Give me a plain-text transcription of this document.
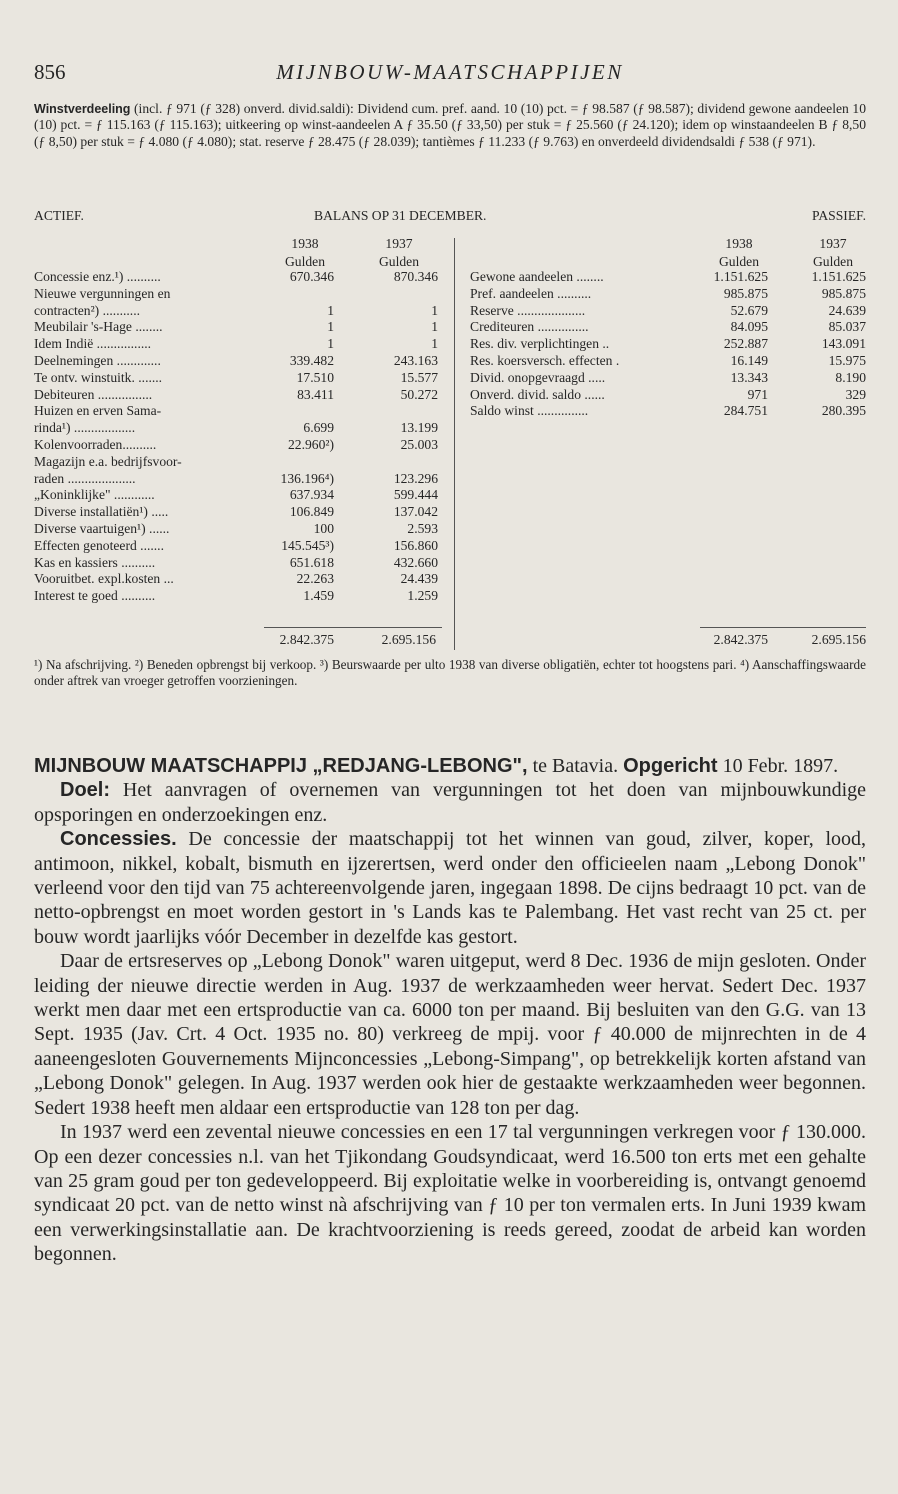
856	MIJNBOUW-MAATSCHAPPIJEN
Winstverdeeling (incl. ƒ 971 (ƒ 328) onverd. divid.saldi): Dividend cum. pref. aand. 10 (10) pct. = ƒ 98.587 (ƒ 98.587); dividend gewone aandeelen 10 (10) pct. = ƒ 115.163 (ƒ 115.163); uitkeering op winst-aandeelen A ƒ 35.50 (ƒ 33,50) per stuk = ƒ 25.560 (ƒ 24.120); idem op winstaandeelen B ƒ 8,50 (ƒ 8,50) per stuk = ƒ 4.080 (ƒ 4.080); stat. reserve ƒ 28.475 (ƒ 28.039); tantièmes ƒ 11.233 (ƒ 9.763) en onverdeeld dividendsaldi ƒ 538 (ƒ 971).
ACTIEF.	BALANS OP 31 DECEMBER.	PASSIEF.
1938
Gulden
1937
Gulden
1938
Gulden
1937
Gulden
Concessie enz.¹) ..........	670.346	870.346
Nieuwe vergunningen en
contracten²) ...........	1	1
Meubilair 's-Hage ........	1	1
Idem Indië ................	1	1
Deelnemingen .............	339.482	243.163
Te ontv. winstuitk. .......	17.510	15.577
Debiteuren ................	83.411	50.272
Huizen en erven Sama-
rinda¹) ..................	6.699	13.199
Kolenvoorraden..........	22.960²)	25.003
Magazijn e.a. bedrijfsvoor-
raden ....................	136.196⁴)	123.296
„Koninklijke" ............	637.934	599.444
Diverse installatiën¹) .....	106.849	137.042
Diverse vaartuigen¹) ......	100	2.593
Effecten genoteerd .......	145.545³)	156.860
Kas en kassiers ..........	651.618	432.660
Vooruitbet. expl.kosten ...	22.263	24.439
Interest te goed ..........	1.459	1.259
Gewone aandeelen ........	1.151.625	1.151.625
Pref. aandeelen ..........	985.875	985.875
Reserve ....................	52.679	24.639
Crediteuren ...............	84.095	85.037
Res. div. verplichtingen ..	252.887	143.091
Res. koersversch. effecten .	16.149	15.975
Divid. onopgevraagd .....	13.343	8.190
Onverd. divid. saldo ......	971	329
Saldo winst ...............	284.751	280.395
2.842.375	2.695.156	2.842.375	2.695.156
¹) Na afschrijving. ²) Beneden opbrengst bij verkoop. ³) Beurswaarde per ulto 1938 van diverse obligatiën, echter tot hoogstens pari. ⁴) Aanschaffingswaarde onder aftrek van vroeger getroffen voorzieningen.

MIJNBOUW MAATSCHAPPIJ „REDJANG-LEBONG", te Batavia. Opgericht 10 Febr. 1897.

Doel: Het aanvragen of overnemen van vergunningen tot het doen van mijnbouwkundige opsporingen en onderzoekingen enz.

Concessies. De concessie der maatschappij tot het winnen van goud, zilver, koper, lood, antimoon, nikkel, kobalt, bismuth en ijzerertsen, werd onder den officieelen naam „Lebong Donok" verleend voor den tijd van 75 achtereenvolgende jaren, ingegaan 1898. De cijns bedraagt 10 pct. van de netto-opbrengst en moet worden gestort in 's Lands kas te Palembang. Het vast recht van 25 ct. per bouw wordt jaarlijks vóór December in dezelfde kas gestort.

Daar de ertsreserves op „Lebong Donok" waren uitgeput, werd 8 Dec. 1936 de mijn gesloten. Onder leiding der nieuwe directie werden in Aug. 1937 de werkzaamheden weer hervat. Sedert Dec. 1937 werkt men daar met een ertsproductie van ca. 6000 ton per maand. Bij besluiten van den G.G. van 13 Sept. 1935 (Jav. Crt. 4 Oct. 1935 no. 80) verkreeg de mpij. voor ƒ 40.000 de mijnrechten in de 4 aaneengesloten Gouvernements Mijnconcessies „Lebong-Simpang", op betrekkelijk korten afstand van „Lebong Donok" gelegen. In Aug. 1937 werden ook hier de gestaakte werkzaamheden weer begonnen. Sedert 1938 heeft men aldaar een ertsproductie van 128 ton per dag.

In 1937 werd een zevental nieuwe concessies en een 17 tal vergunningen verkregen voor ƒ 130.000. Op een dezer concessies n.l. van het Tjikondang Goudsyndicaat, werd 16.500 ton erts met een gehalte van 25 gram goud per ton gedeveloppeerd. Bij exploitatie welke in voorbereiding is, ontvangt genoemd syndicaat 20 pct. van de netto winst nà afschrijving van ƒ 10 per ton vermalen erts. In Juni 1939 kwam een verwerkingsinstallatie aan. De krachtvoorziening is reeds gereed, zoodat de arbeid kan worden begonnen.
